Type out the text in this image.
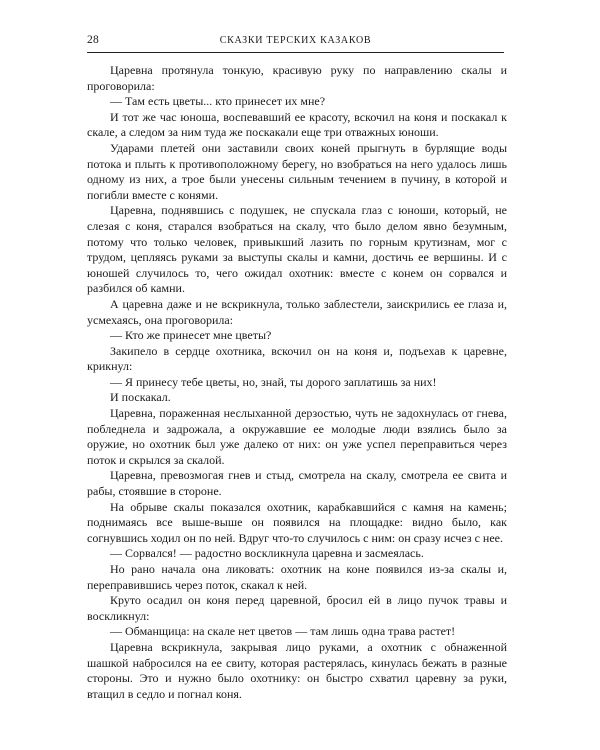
28	СКАЗКИ ТЕРСКИХ КАЗАКОВ

Царевна протянула тонкую, красивую руку по направлению скалы и проговорила:

— Там есть цветы... кто принесет их мне?

И тот же час юноша, воспевавший ее красоту, вскочил на коня и поскакал к скале, а следом за ним туда же поскакали еще три отважных юноши.

Ударами плетей они заставили своих коней прыгнуть в бурлящие воды потока и плыть к противоположному берегу, но взобраться на него удалось лишь одному из них, а трое были унесены сильным течением в пучину, в которой и погибли вместе с конями.

Царевна, поднявшись с подушек, не спускала глаз с юноши, который, не слезая с коня, старался взобраться на скалу, что было делом явно безумным, потому что только человек, привыкший лазить по горным крутизнам, мог с трудом, цепляясь руками за выступы скалы и камни, достичь ее вершины. И с юношей случилось то, чего ожидал охотник: вместе с конем он сорвался и разбился об камни.

А царевна даже и не вскрикнула, только заблестели, заискрились ее глаза и, усмехаясь, она проговорила:

— Кто же принесет мне цветы?

Закипело в сердце охотника, вскочил он на коня и, подъехав к царевне, крикнул:

— Я принесу тебе цветы, но, знай, ты дорого заплатишь за них!

И поскакал.

Царевна, пораженная неслыханной дерзостью, чуть не задохнулась от гнева, побледнела и задрожала, а окружавшие ее молодые люди взялись было за оружие, но охотник был уже далеко от них: он уже успел переправиться через поток и скрылся за скалой.

Царевна, превозмогая гнев и стыд, смотрела на скалу, смотрела ее свита и рабы, стоявшие в стороне.

На обрыве скалы показался охотник, карабкавшийся с камня на камень; поднимаясь все выше-выше он появился на площадке: видно было, как согнувшись ходил он по ней. Вдруг что-то случилось с ним: он сразу исчез с нее.

— Сорвался! — радостно воскликнула царевна и засмеялась.

Но рано начала она ликовать: охотник на коне появился из-за скалы и, переправившись через поток, скакал к ней.

Круто осадил он коня перед царевной, бросил ей в лицо пучок травы и воскликнул:

— Обманщица: на скале нет цветов — там лишь одна трава растет!

Царевна вскрикнула, закрывая лицо руками, а охотник с обнаженной шашкой набросился на ее свиту, которая растерялась, кинулась бежать в разные стороны. Это и нужно было охотнику: он быстро схватил царевну за руки, втащил в седло и погнал коня.
